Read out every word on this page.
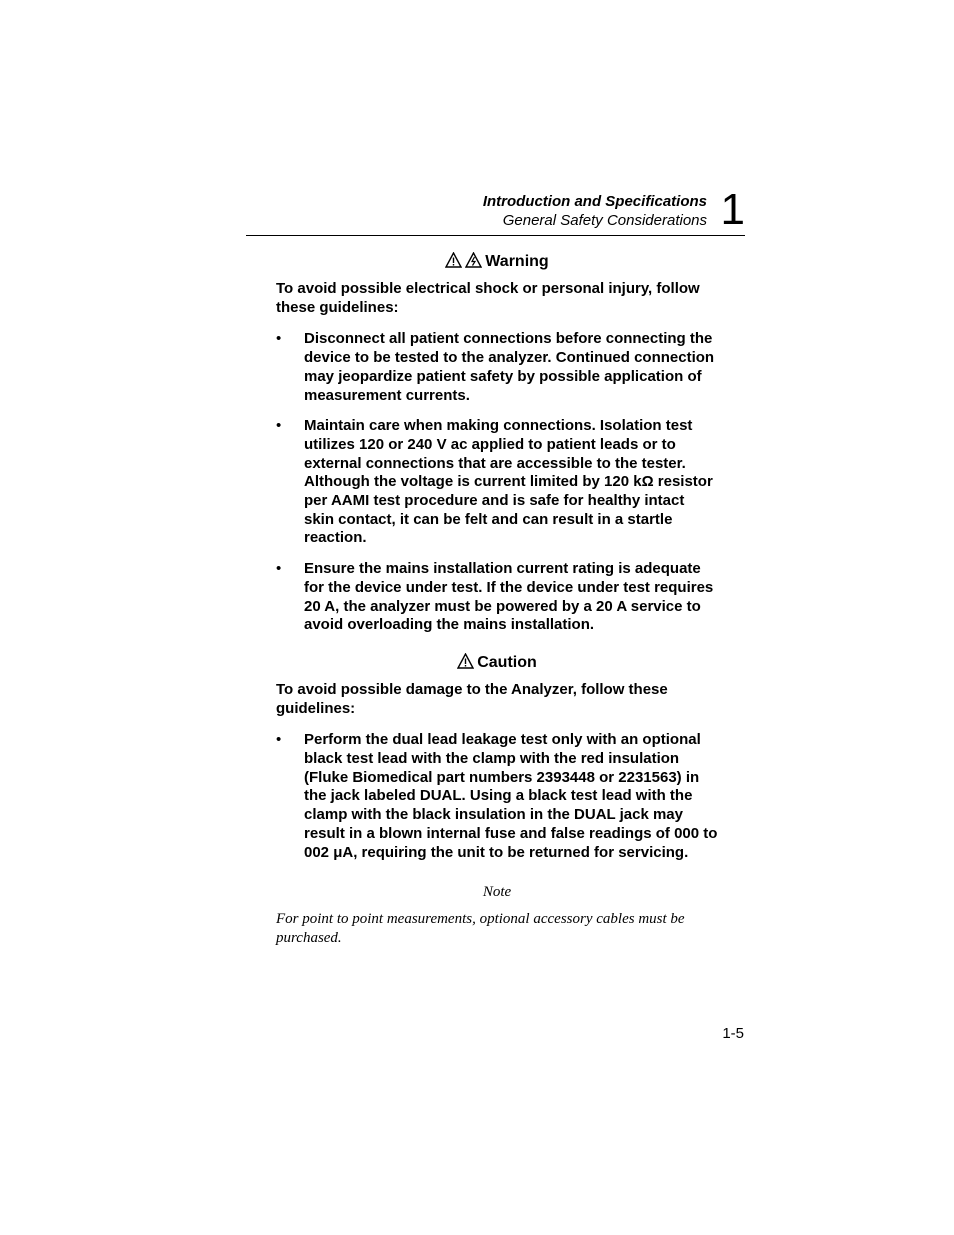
Introduction and Specifications
General Safety Considerations 1
Warning
To avoid possible electrical shock or personal injury, follow these guidelines:
• Disconnect all patient connections before connecting the device to be tested to the analyzer. Continued connection may jeopardize patient safety by possible application of measurement currents.
• Maintain care when making connections. Isolation test utilizes 120 or 240 V ac applied to patient leads or to external connections that are accessible to the tester. Although the voltage is current limited by 120 kΩ resistor per AAMI test procedure and is safe for healthy intact skin contact, it can be felt and can result in a startle reaction.
• Ensure the mains installation current rating is adequate for the device under test. If the device under test requires 20 A, the analyzer must be powered by a 20 A service to avoid overloading the mains installation.
Caution
To avoid possible damage to the Analyzer, follow these guidelines:
• Perform the dual lead leakage test only with an optional black test lead with the clamp with the red insulation (Fluke Biomedical part numbers 2393448 or 2231563) in the jack labeled DUAL. Using a black test lead with the clamp with the black insulation in the DUAL jack may result in a blown internal fuse and false readings of 000 to 002 μA, requiring the unit to be returned for servicing.
Note
For point to point measurements, optional accessory cables must be purchased.
1-5
